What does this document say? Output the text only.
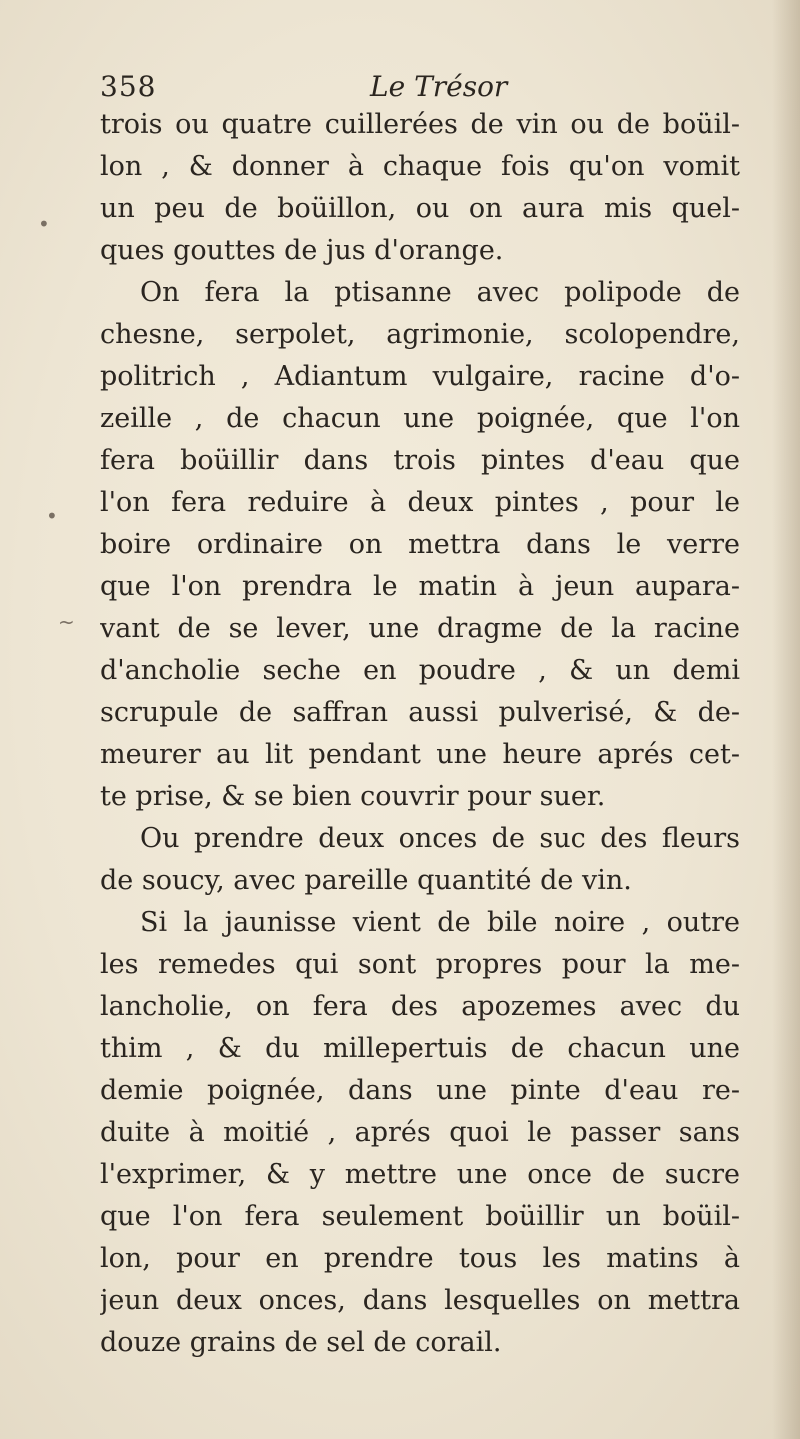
358	Le Trésor
•
•
~
trois ou quatre cuillerées de vin ou de boüil-
lon , & donner à chaque fois qu'on vomit
un peu de boüillon, ou on aura mis quel-
ques gouttes de jus d'orange.
On fera la ptisanne avec polipode de
chesne, serpolet, agrimonie, scolopendre,
politrich , Adiantum vulgaire, racine d'o-
zeille , de chacun une poignée, que l'on
fera boüillir dans trois pintes d'eau que
l'on fera reduire à deux pintes , pour le
boire ordinaire on mettra dans le verre
que l'on prendra le matin à jeun aupara-
vant de se lever, une dragme de la racine
d'ancholie seche en poudre , & un demi
scrupule de saffran aussi pulverisé, & de-
meurer au lit pendant une heure aprés cet-
te prise, & se bien couvrir pour suer.
Ou prendre deux onces de suc des fleurs
de soucy, avec pareille quantité de vin.
Si la jaunisse vient de bile noire , outre
les remedes qui sont propres pour la me-
lancholie, on fera des apozemes avec du
thim , & du millepertuis de chacun une
demie poignée, dans une pinte d'eau re-
duite à moitié , aprés quoi le passer sans
l'exprimer, & y mettre une once de sucre
que l'on fera seulement boüillir un boüil-
lon, pour en prendre tous les matins à
jeun deux onces, dans lesquelles on mettra
douze grains de sel de corail.
